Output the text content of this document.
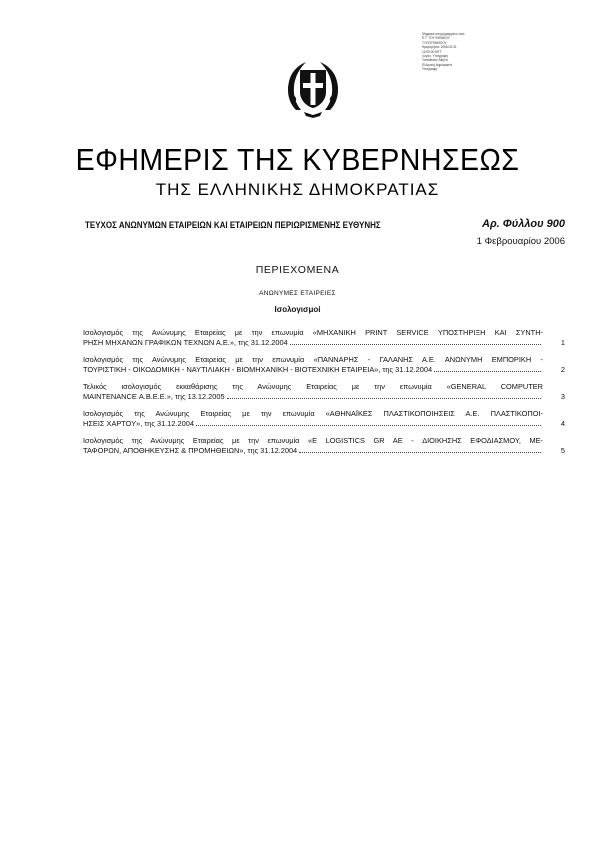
Ψηφιακά υπογεγραμμένο από
Ε.Τ. ΤΟΥ ΕΘΝΙΚΟΥ
ΤΥΠΟΓΡΑΦΕΙΟΥ
Ημερομηνία: 2006.02.01
12:00:00 EET
Λόγος: Υπογραφή
Τοποθεσία: Αθήνα
Ελληνική Δημοκρατία
Υπογραφή
ΕΦΗΜΕΡΙΣ ΤΗΣ ΚΥΒΕΡΝΗΣΕΩΣ
ΤΗΣ ΕΛΛΗΝΙΚΗΣ ΔΗΜΟΚΡΑΤΙΑΣ
ΤΕΥΧΟΣ ΑΝΩΝΥΜΩΝ ΕΤΑΙΡΕΙΩΝ ΚΑΙ ΕΤΑΙΡΕΙΩΝ ΠΕΡΙΩΡΙΣΜΕΝΗΣ ΕΥΘΥΝΗΣ	Αρ. Φύλλου 900
1 Φεβρουαρίου 2006
ΠΕΡΙΕΧΟΜΕΝΑ
ΑΝΩΝΥΜΕΣ ΕΤΑΙΡΕΙΕΣ
Ισολογισμοί
Ισολογισμός της Ανώνυμης Εταιρείας με την επωνυμία «ΜΗΧΑΝΙΚΗ PRINT SERVICE ΥΠΟΣΤΗΡΙΞΗ ΚΑΙ ΣΥΝΤΗ-
ΡΗΣΗ ΜΗΧΑΝΩΝ ΓΡΑΦΙΚΩΝ ΤΕΧΝΩΝ Α.Ε.», της 31.12.2004	1
Ισολογισμός της Ανώνυμης Εταιρείας με την επωνυμία «ΠΑΝΝΑΡΗΣ - ΓΑΛΑΝΗΣ Α.Ε. ΑΝΩΝΥΜΗ ΕΜΠΟΡΙΚΗ -
ΤΟΥΡΙΣΤΙΚΗ - ΟΙΚΟΔΟΜΙΚΗ - ΝΑΥΤΙΛΙΑΚΗ - ΒΙΟΜΗΧΑΝΙΚΗ - ΒΙΟΤΕΧΝΙΚΗ ΕΤΑΙΡΕΙΑ», της 31.12.2004	2
Τελικός ισολογισμός εκκαθάρισης της Ανώνυμης Εταιρείας με την επωνυμία «GENERAL COMPUTER
MAINTENANCE Α.Β.Ε.Ε.», της 13.12.2005	3
Ισολογισμός της Ανώνυμης Εταιρείας με την επωνυμία «ΑΘΗΝΑΪΚΕΣ ΠΛΑΣΤΙΚΟΠΟΙΗΣΕΙΣ Α.Ε. ΠΛΑΣΤΙΚΟΠΟΙ-
ΗΣΕΙΣ ΧΑΡΤΟΥ», της 31.12.2004	4
Ισολογισμός της Ανώνυμης Εταιρείας με την επωνυμία «E LOGISTICS GR AE - ΔΙΟΙΚΗΣΗΣ ΕΦΟΔΙΑΣΜΟΥ, ΜΕ-
ΤΑΦΟΡΩΝ, ΑΠΟΘΗΚΕΥΣΗΣ & ΠΡΟΜΗΘΕΙΩΝ», της 31.12.2004	5
